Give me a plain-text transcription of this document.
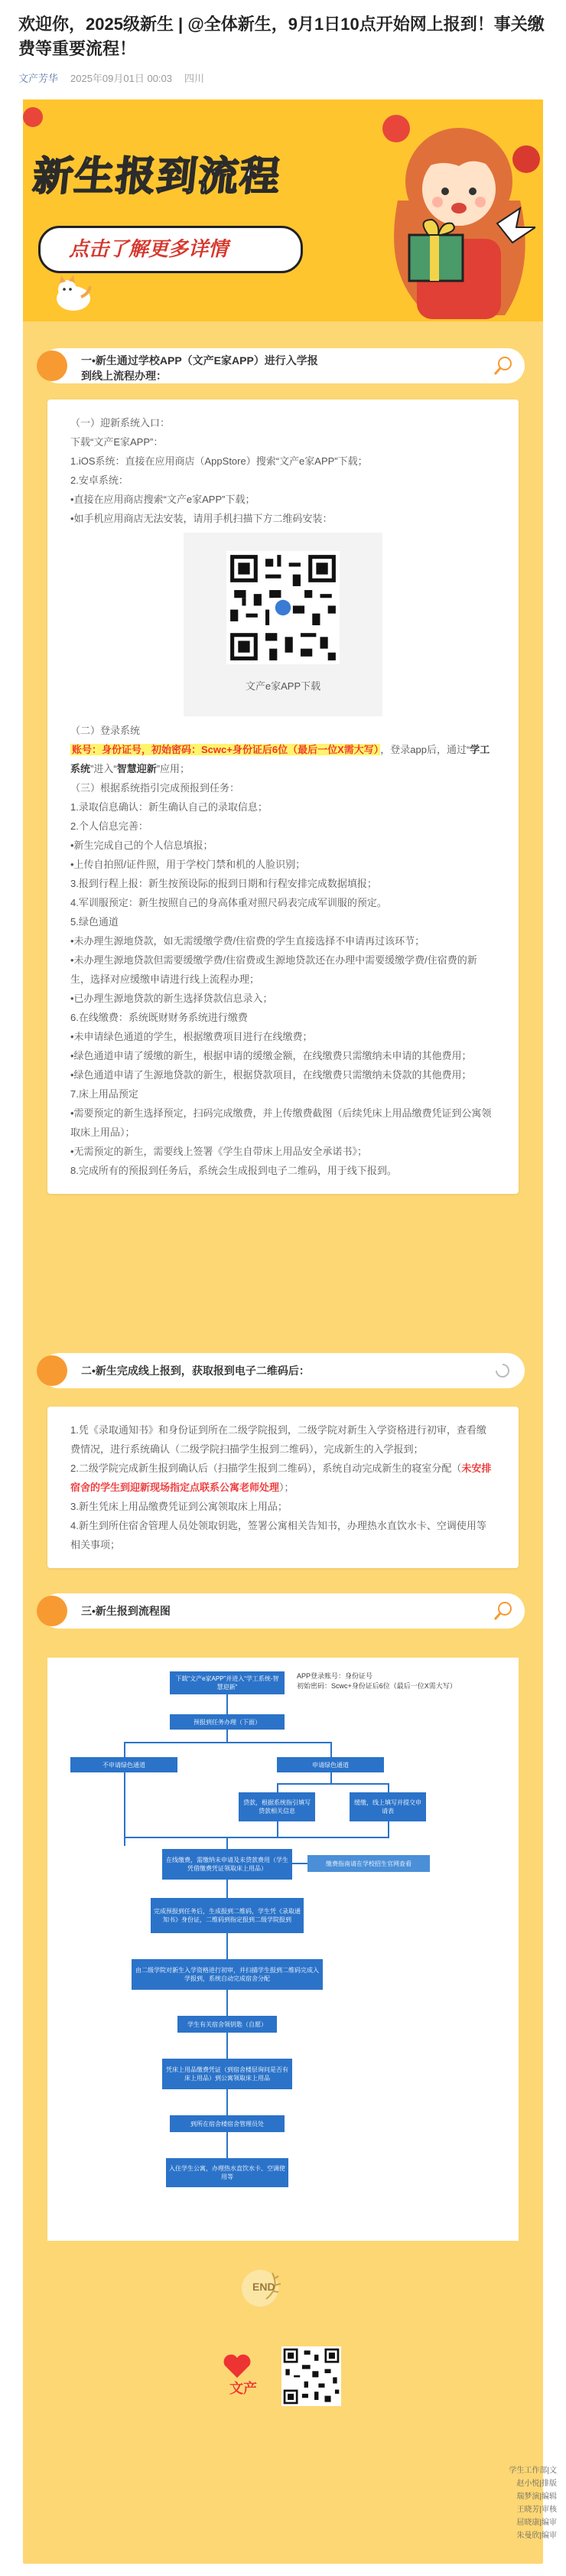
欢迎你，2025级新生 | @全体新生，9月1日10点开始网上报到！事关缴费等重要流程！
文产芳华 2025年09月01日 00:03 四川
新生报到流程
点击了解更多详情
一•新生通过学校APP（文产E家APP）进行入学报
到线上流程办理：

（一）迎新系统入口：

下载“文产E家APP”：

1.iOS系统：直接在应用商店（AppStore）搜索“文产e家APP”下载；

2.安卓系统：

•直接在应用商店搜索“文产e家APP”下载；

•如手机应用商店无法安装，请用手机扫描下方二维码安装：

文产e家APP下载

（二）登录系统

账号：身份证号，初始密码：Scwc+身份证后6位（最后一位X需大写） ，登录app后，通过“学工系统”进入“智慧迎新”应用；

（三）根据系统指引完成预报到任务：

1.录取信息确认：新生确认自己的录取信息；

2.个人信息完善：

•新生完成自己的个人信息填报；

•上传自拍照/证件照，用于学校门禁和机的人脸识别；

3.报到行程上报：新生按预设际的报到日期和行程安排完成数据填报；

4.军训服预定：新生按照自己的身高体重对照尺码表完成军训服的预定。

5.绿色通道

•未办理生源地贷款，如无需缓缴学费/住宿费的学生直接选择不申请再过该环节；

•未办理生源地贷款但需要缓缴学费/住宿费或生源地贷款还在办理中需要缓缴学费/住宿费的新生，选择对应缓缴申请进行线上流程办理；

•已办理生源地贷款的新生选择贷款信息录入；

6.在线缴费：系统既财财务系统进行缴费

•未申请绿色通道的学生，根据缴费项目进行在线缴费；

•绿色通道申请了缓缴的新生，根据申请的缓缴金额，在线缴费只需缴纳未申请的其他费用；

•绿色通道申请了生源地贷款的新生，根据贷款项目，在线缴费只需缴纳未贷款的其他费用；

7.床上用品预定

•需要预定的新生选择预定，扫码完成缴费，并上传缴费截图（后续凭床上用品缴费凭证到公寓领取床上用品）；

•无需预定的新生，需要线上签署《学生自带床上用品安全承诺书》；

8.完成所有的预报到任务后，系统会生成报到电子二维码，用于线下报到。

二•新生完成线上报到，获取报到电子二维码后：

1.凭《录取通知书》和身份证到所在二级学院报到，二级学院对新生入学资格进行初审，查看缴费情况，进行系统确认（二级学院扫描学生报到二维码），完成新生的入学报到；

2.二级学院完成新生报到确认后（扫描学生报到二维码），系统自动完成新生的寝室分配（未安排宿舍的学生到迎新现场指定点联系公寓老师处理）；

3.新生凭床上用品缴费凭证到公寓领取床上用品；

4.新生到所住宿舍管理人员处领取钥匙，签署公寓相关告知书，办理热水直饮水卡、空调使用等相关事项；

三•新生报到流程图
下载“文产e家APP”并进入“学工系统-智慧迎新”
APP登录账号：身份证号
初始密码：Scwc+身份证后6位（最后一位X需大写）
预报到任务办理（下面）
不申请绿色通道	申请绿色通道
贷款，根据系统指引填写贷款相关信息
缓缴，线上填写并提交申请表
在线缴费，需缴纳未申请及未贷款费用（学生凭借缴费凭证领取床上用品）
缴费指南请在学校招生官网查看
完成预报到任务后，生成报到二维码，学生凭《录取通知书》身份证，二维码到指定报到二级学院报到
由二级学院对新生入学资格进行初审，并扫描学生报到二维码完成入学报到，系统自动完成宿舍分配
学生有关宿舍领钥匙（自愿）
凭床上用品缴费凭证（到宿舍楼层询问是否有床上用品）到公寓领取床上用品
到所在宿舍楼宿舍管理员处
入住学生公寓，办理热水直饮水卡、空调使用等
END
文产
学生工作部|文
赵小悦|排版
瑞梦演|编辑
王晓芳|审核
屈晓康|编审
朱曼欣|编审
